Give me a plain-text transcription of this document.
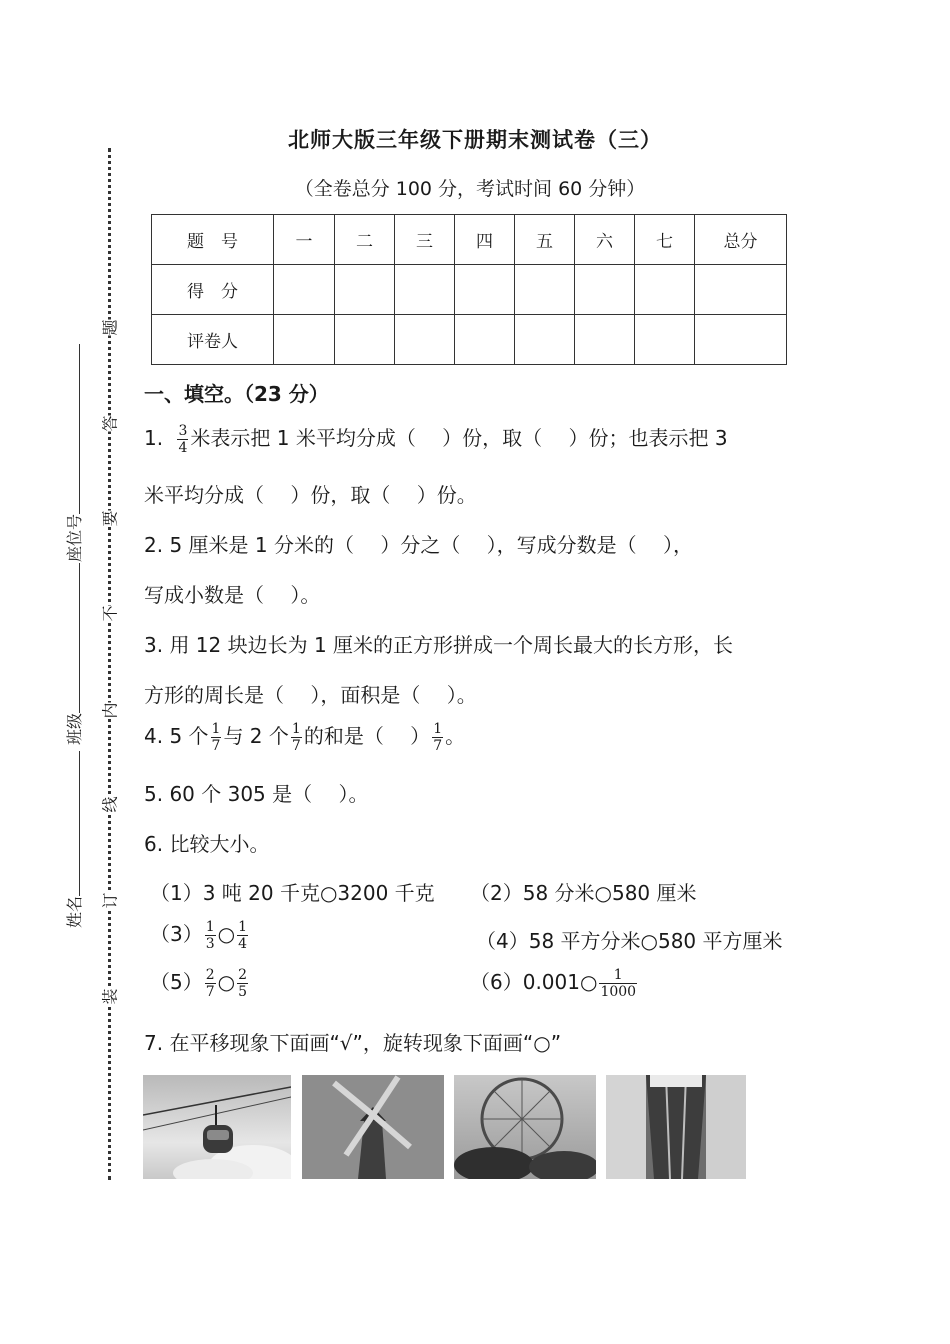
题
答
要
不
内
线
订
装
座位号
班级
姓名
北师大版三年级下册期末测试卷（三）
（全卷总分 100 分，考试时间 60 分钟）
题　号	一	二	三	四	五	六	七	总分
得　分								
评卷人								
一、填空。（23 分）
1. $\frac{3}{4}$ 米表示把 1 米平均分成（　 ）份，取（　 ）份；也表示把 3
米平均分成（　 ）份，取（　 ）份。
2. 5 厘米是 1 分米的（　 ）分之（　 ），写成分数是（　 ），
写成小数是（　 ）。
3. 用 12 块边长为 1 厘米的正方形拼成一个周长最大的长方形，长
方形的周长是（　 ），面积是（　 ）。
4. 5 个 $\frac{1}{7}$ 与 2 个 $\frac{1}{7}$ 的和是（　 ） $\frac{1}{7}$ 。
5. 60 个 305 是（　 ）。
6. 比较大小。
（1）3 吨 20 千克○3200 千克 （2）58 分米○580 厘米
$(3) \frac{1}{3}$ ○ $\frac{1}{4}$	（4）58 平方分米○580 平方厘米
$(5) \frac{2}{7}$ ○ $\frac{2}{5}$	（6）0.001○ $\frac{1}{1000}$
7. 在平移现象下面画“√”，旋转现象下面画“○”
